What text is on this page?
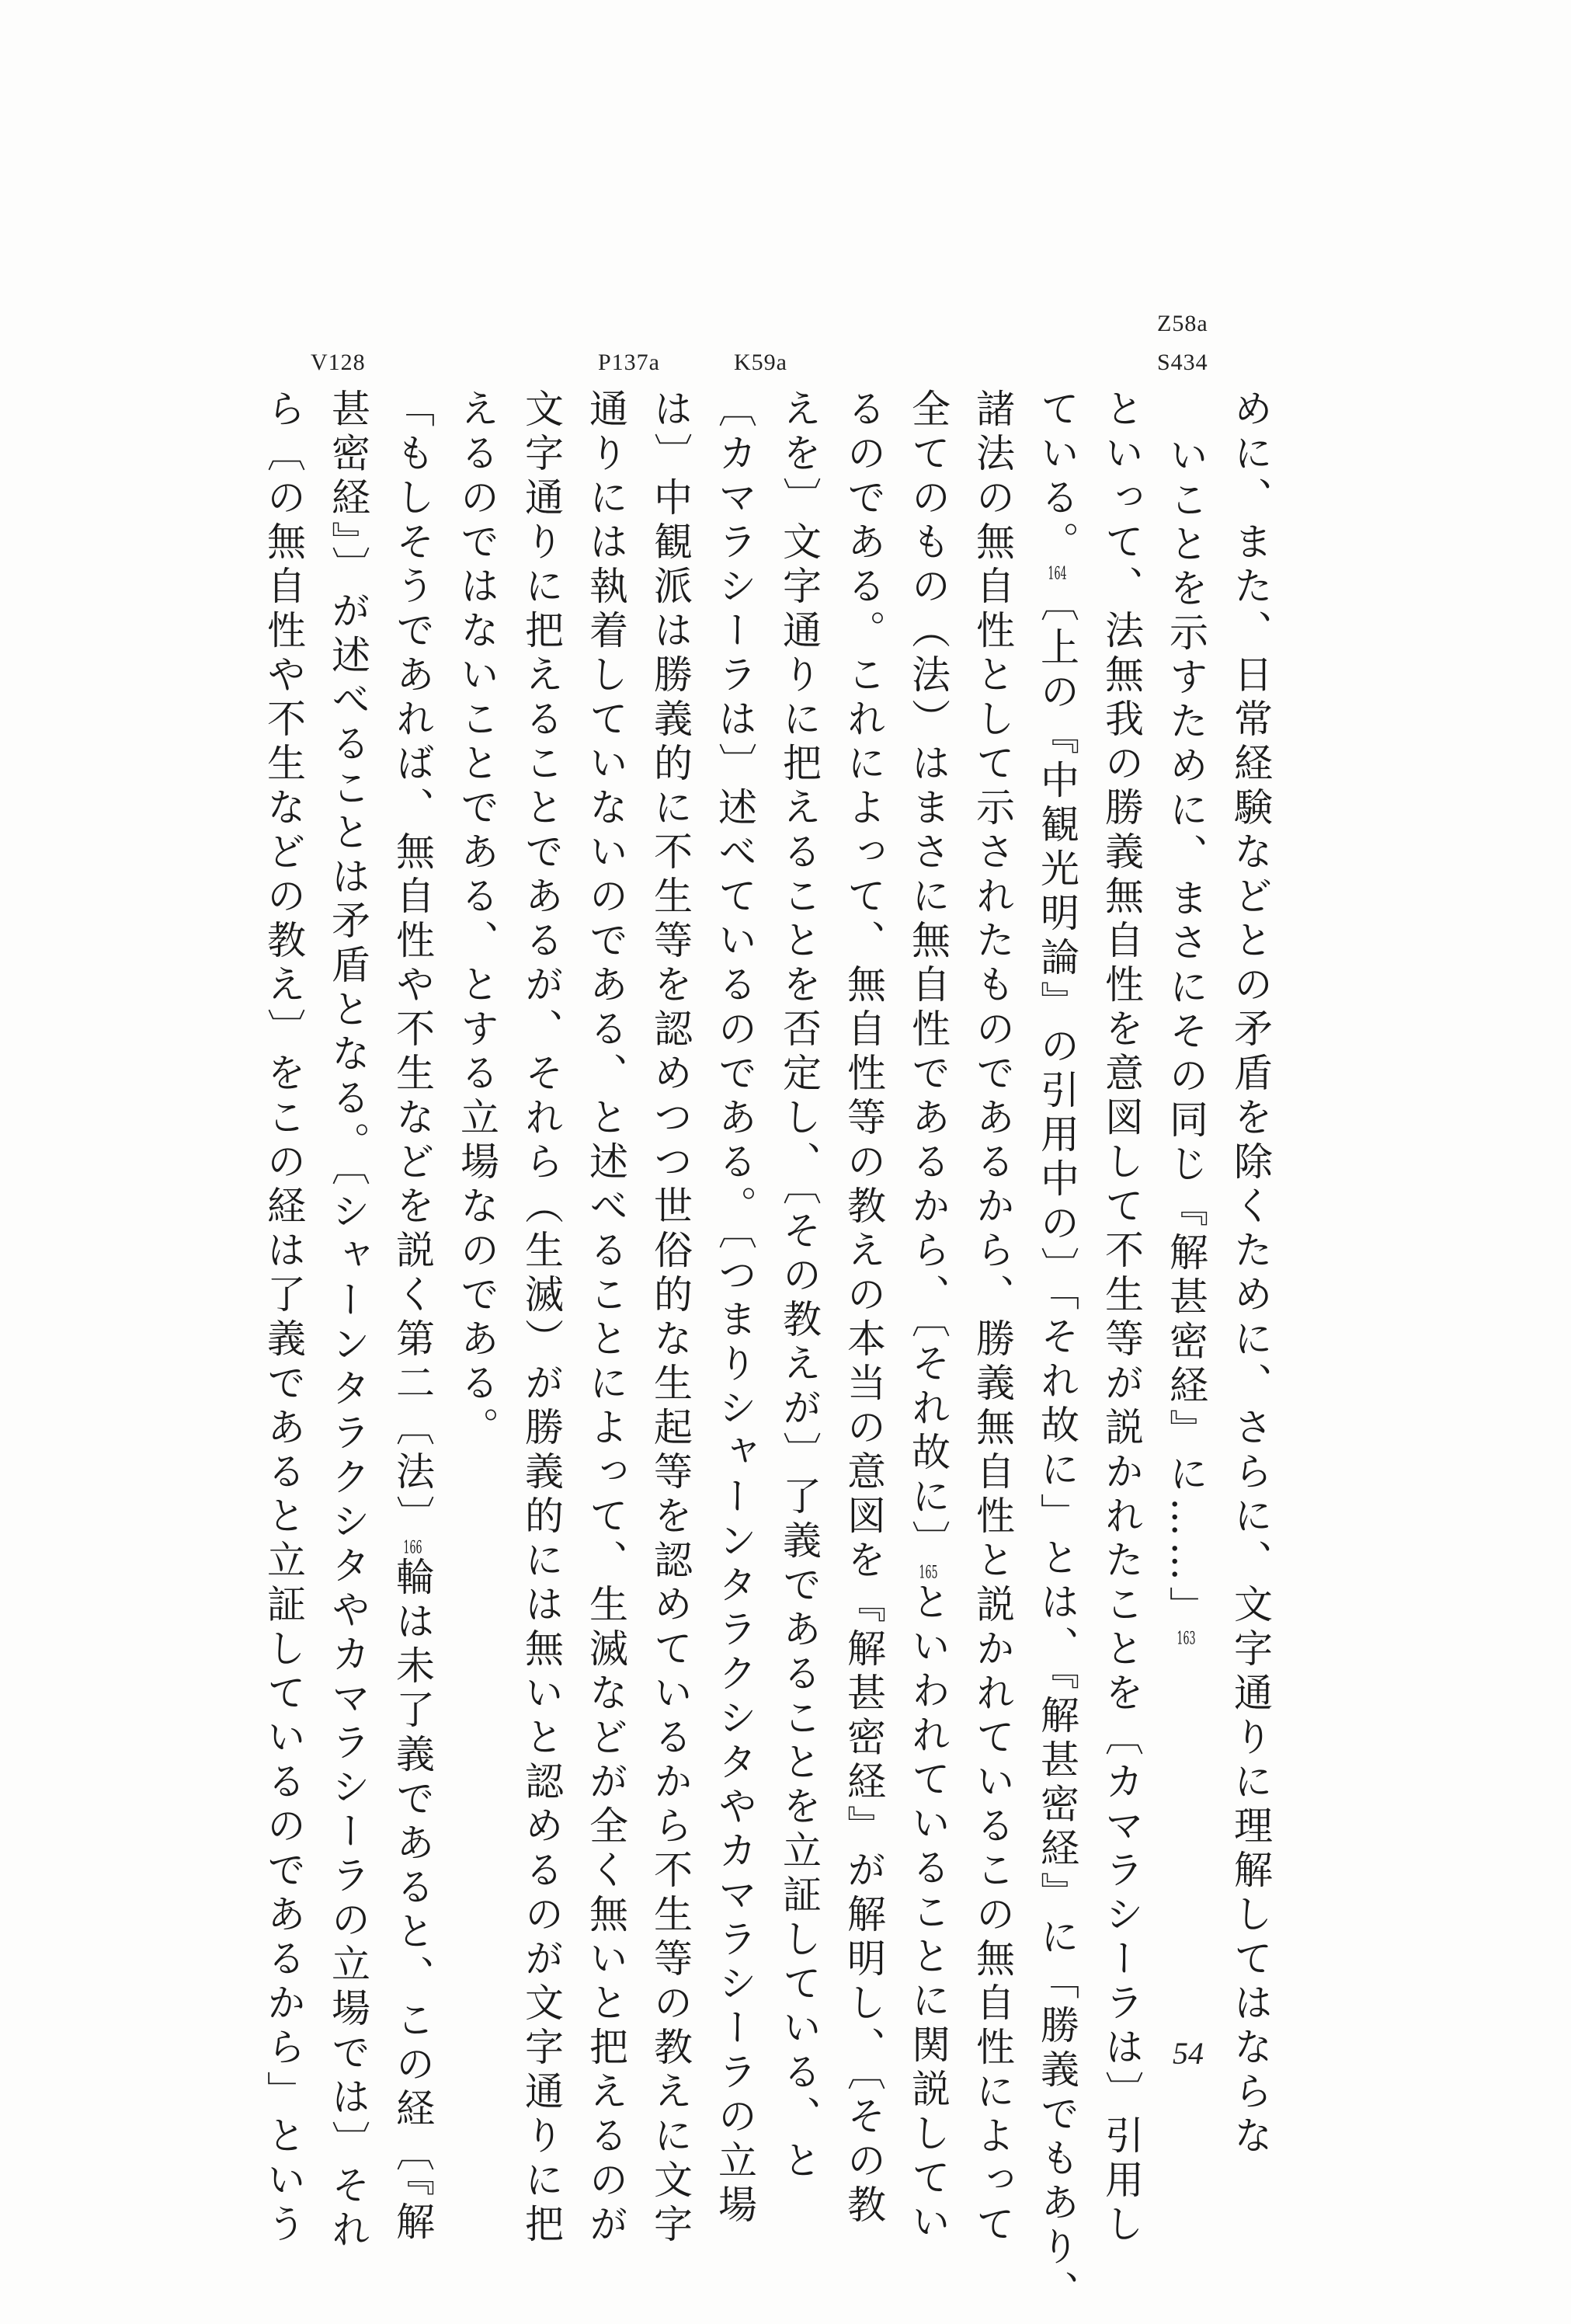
Z58a
S434
K59a
P137a
V128
めに、また、日常経験などとの矛盾を除くために、さらに、文字通りに理解してはならな
いことを示すために、まさにその同じ『解甚密経』に……」163
といって、法無我の勝義無自性を意図して不生等が説かれたことを〔カマラシーラは〕引用し
ている。164〔上の『中観光明論』の引用中の〕「それ故に」とは、『解甚密経』に「勝義でもあり、
諸法の無自性として示されたものであるから、勝義無自性と説かれているこの無自性によって
全てのもの（法）はまさに無自性であるから、〔それ故に〕165といわれていることに関説してい
るのである。これによって、無自性等の教えの本当の意図を『解甚密経』が解明し、〔その教
えを〕文字通りに把えることを否定し、〔その教えが〕了義であることを立証している、と
〔カマラシーラは〕述べているのである。〔つまりシャーンタラクシタやカマラシーラの立場
は〕中観派は勝義的に不生等を認めつつ世俗的な生起等を認めているから不生等の教えに文字
通りには執着していないのである、と述べることによって、生滅などが全く無いと把えるのが
文字通りに把えることであるが、それら（生滅）が勝義的には無いと認めるのが文字通りに把
えるのではないことである、とする立場なのである。
「もしそうであれば、無自性や不生などを説く第二〔法〕166輪は未了義であると、この経〔『解
甚密経』〕が述べることは矛盾となる。〔シャーンタラクシタやカマラシーラの立場では〕それ
ら〔の無自性や不生などの教え〕をこの経は了義であると立証しているのであるから」という	54
